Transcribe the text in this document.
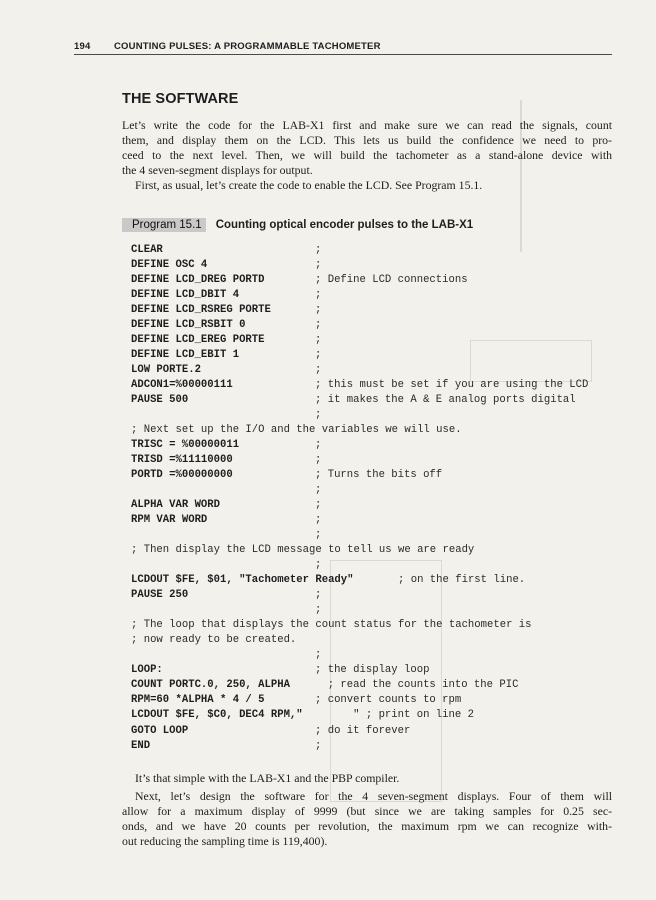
194 COUNTING PULSES: A PROGRAMMABLE TACHOMETER
THE SOFTWARE
Let’s write the code for the LAB-X1 first and make sure we can read the signals, count
them, and display them on the LCD. This lets us build the confidence we need to pro-
ceed to the next level. Then, we will build the tachometer as a stand-alone device with
the 4 seven-segment displays for output.
First, as usual, let’s create the code to enable the LCD. See Program 15.1.
Program 15.1 Counting optical encoder pulses to the LAB-X1
CLEAR	;
DEFINE OSC 4	;
DEFINE LCD_DREG PORTD	; Define LCD connections
DEFINE LCD_DBIT 4	;
DEFINE LCD_RSREG PORTE	;
DEFINE LCD_RSBIT 0	;
DEFINE LCD_EREG PORTE	;
DEFINE LCD_EBIT 1	;
LOW PORTE.2	;
ADCON1=%00000111	; this must be set if you are using the LCD
PAUSE 500	; it makes the A & E analog ports digital
;
; Next set up the I/O and the variables we will use.
TRISC = %00000011	;
TRISD =%11110000	;
PORTD =%00000000	; Turns the bits off
;
ALPHA VAR WORD	;
RPM VAR WORD	;
;
; Then display the LCD message to tell us we are ready
;
LCDOUT $FE, $01, "Tachometer Ready" ; on the first line.
PAUSE 250	;
;
; The loop that displays the count status for the tachometer is
; now ready to be created.
;
LOOP:	; the display loop
COUNT PORTC.0, 250, ALPHA ; read the counts into the PIC
RPM=60 *ALPHA * 4 / 5	; convert counts to rpm
LCDOUT $FE, $C0, DEC4 RPM," " ; print on line 2
GOTO LOOP	; do it forever
END	;
It’s that simple with the LAB-X1 and the PBP compiler.
Next, let’s design the software for the 4 seven-segment displays. Four of them will
allow for a maximum display of 9999 (but since we are taking samples for 0.25 sec-
onds, and we have 20 counts per revolution, the maximum rpm we can recognize with-
out reducing the sampling time is 119,400).
